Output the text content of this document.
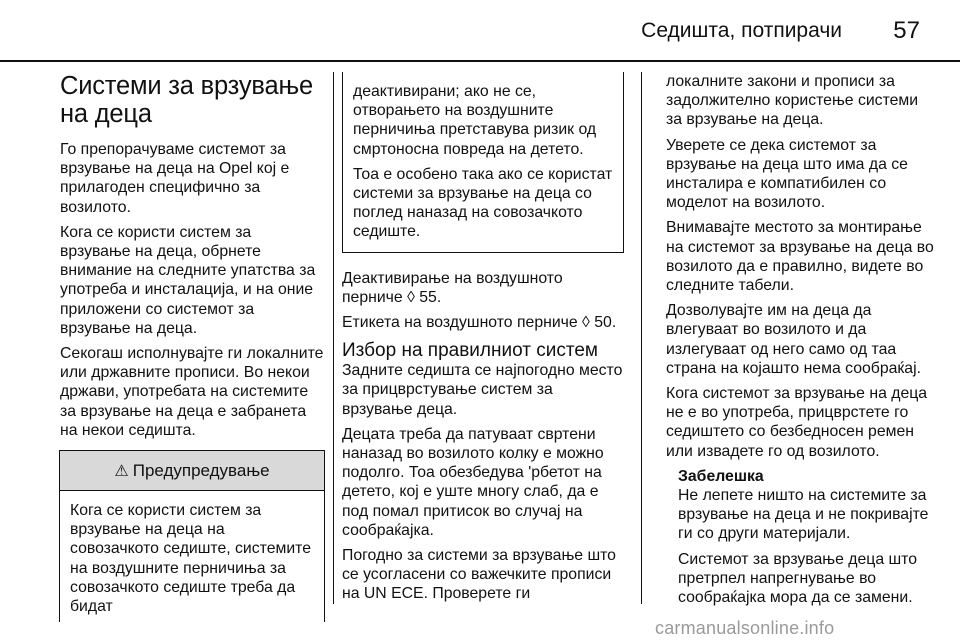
Седишта, потпирачи 57
Системи за врзување на деца

Го препорачуваме системот за врзување на деца на Opel кој е прилагоден специфично за возилото.

Кога се користи систем за врзување на деца, обрнете внимание на следните упатства за употреба и инсталација, и на оние приложени со системот за врзување на деца.

Секогаш исполнувајте ги локалните или државните прописи. Во некои држави, употребата на системите за врзување на деца е забранета на некои седишта.

⚠ Предупредување
Кога се користи систем за врзување на деца на совозачкото седиште, системите на воздушните перничиња за совозачкото седиште треба да бидат

деактивирани; ако не се, отворањето на воздушните перничиња претставува ризик од смртоносна повреда на детето.

Тоа е особено така ако се користат системи за врзување на деца со поглед наназад на совозачкото седиште.

Деактивирање на воздушното перниче ◊ 55.

Етикета на воздушното перниче ◊ 50.

Избор на правилниот систем

Задните седишта се најпогодно место за прицврстување систем за врзување деца.

Децата треба да патуваат свртени наназад во возилото колку е можно подолго. Тоа обезбедува 'рбетот на детето, кој е уште многу слаб, да е под помал притисок во случај на сообраќајка.

Погодно за системи за врзување што се усогласени со важечките прописи на UN ECE. Проверете ги

локалните закони и прописи за задолжително користење системи за врзување на деца.

Уверете се дека системот за врзување на деца што има да се инсталира е компатибилен со моделот на возилото.

Внимавајте местото за монтирање на системот за врзување на деца во возилото да е правилно, видете во следните табели.

Дозволувајте им на деца да влегуваат во возилото и да излегуваат од него само од таа страна на којашто нема сообраќај.

Кога системот за врзување на деца не е во употреба, прицврстете го седиштето со безбедносен ремен или извадете го од возилото.

Забелешка

Не лепете ништо на системите за врзување на деца и не покривајте ги со други материјали.

Системот за врзување деца што претрпел напрегнување во сообраќајка мора да се замени.

carmanualsonline.info
